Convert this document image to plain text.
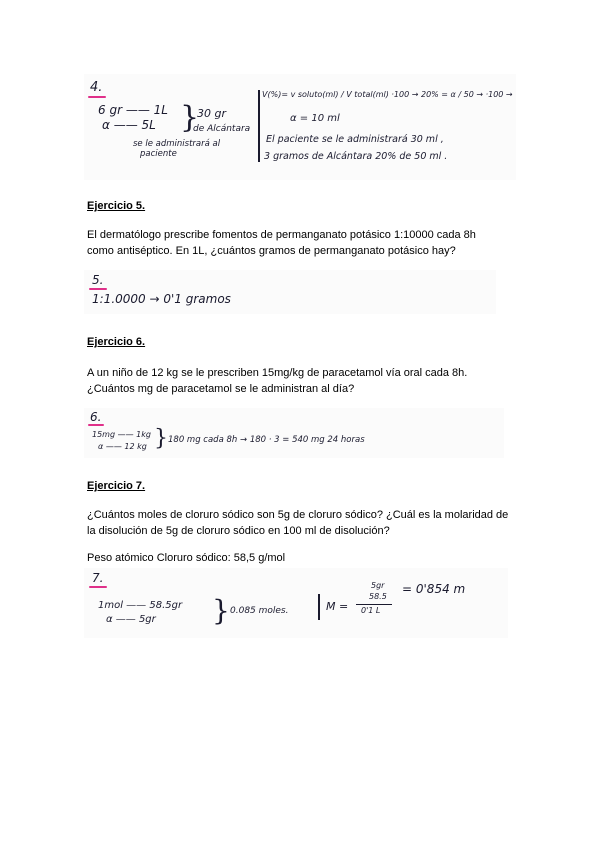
4.
6 gr —— 1L
α —— 5L }
30 gr
de Alcántara
se le administrará al
paciente
V(%)= v soluto(ml) / V total(ml) ·100 → 20% = α / 50 → ·100 →
α = 10 ml
El paciente se le administrará 30 ml ,
3 gramos de Alcántara 20% de 50 ml .
Ejercicio 5.

El dermatólogo prescribe fomentos de permanganato potásico 1:10000 cada 8h

como antiséptico. En 1L, ¿cuántos gramos de permanganato potásico hay?

5.
1:1.0000 → 0'1 gramos
Ejercicio 6.

A un niño de 12 kg se le prescriben 15mg/kg de paracetamol vía oral cada 8h.

¿Cuántos mg de paracetamol se le administran al día?

6.
15mg —— 1kg
α —— 12 kg } 180 mg cada 8h → 180 · 3 = 540 mg 24 horas
Ejercicio 7.

¿Cuántos moles de cloruro sódico son 5g de cloruro sódico? ¿Cuál es la molaridad de

la disolución de 5g de cloruro sódico en 100 ml de disolución?

Peso atómico Cloruro sódico: 58,5 g/mol
7.
1mol —— 58.5gr
α —— 5gr } 0.085 moles.	M =
5gr
58.5
0'1 L
= 0'854 m
